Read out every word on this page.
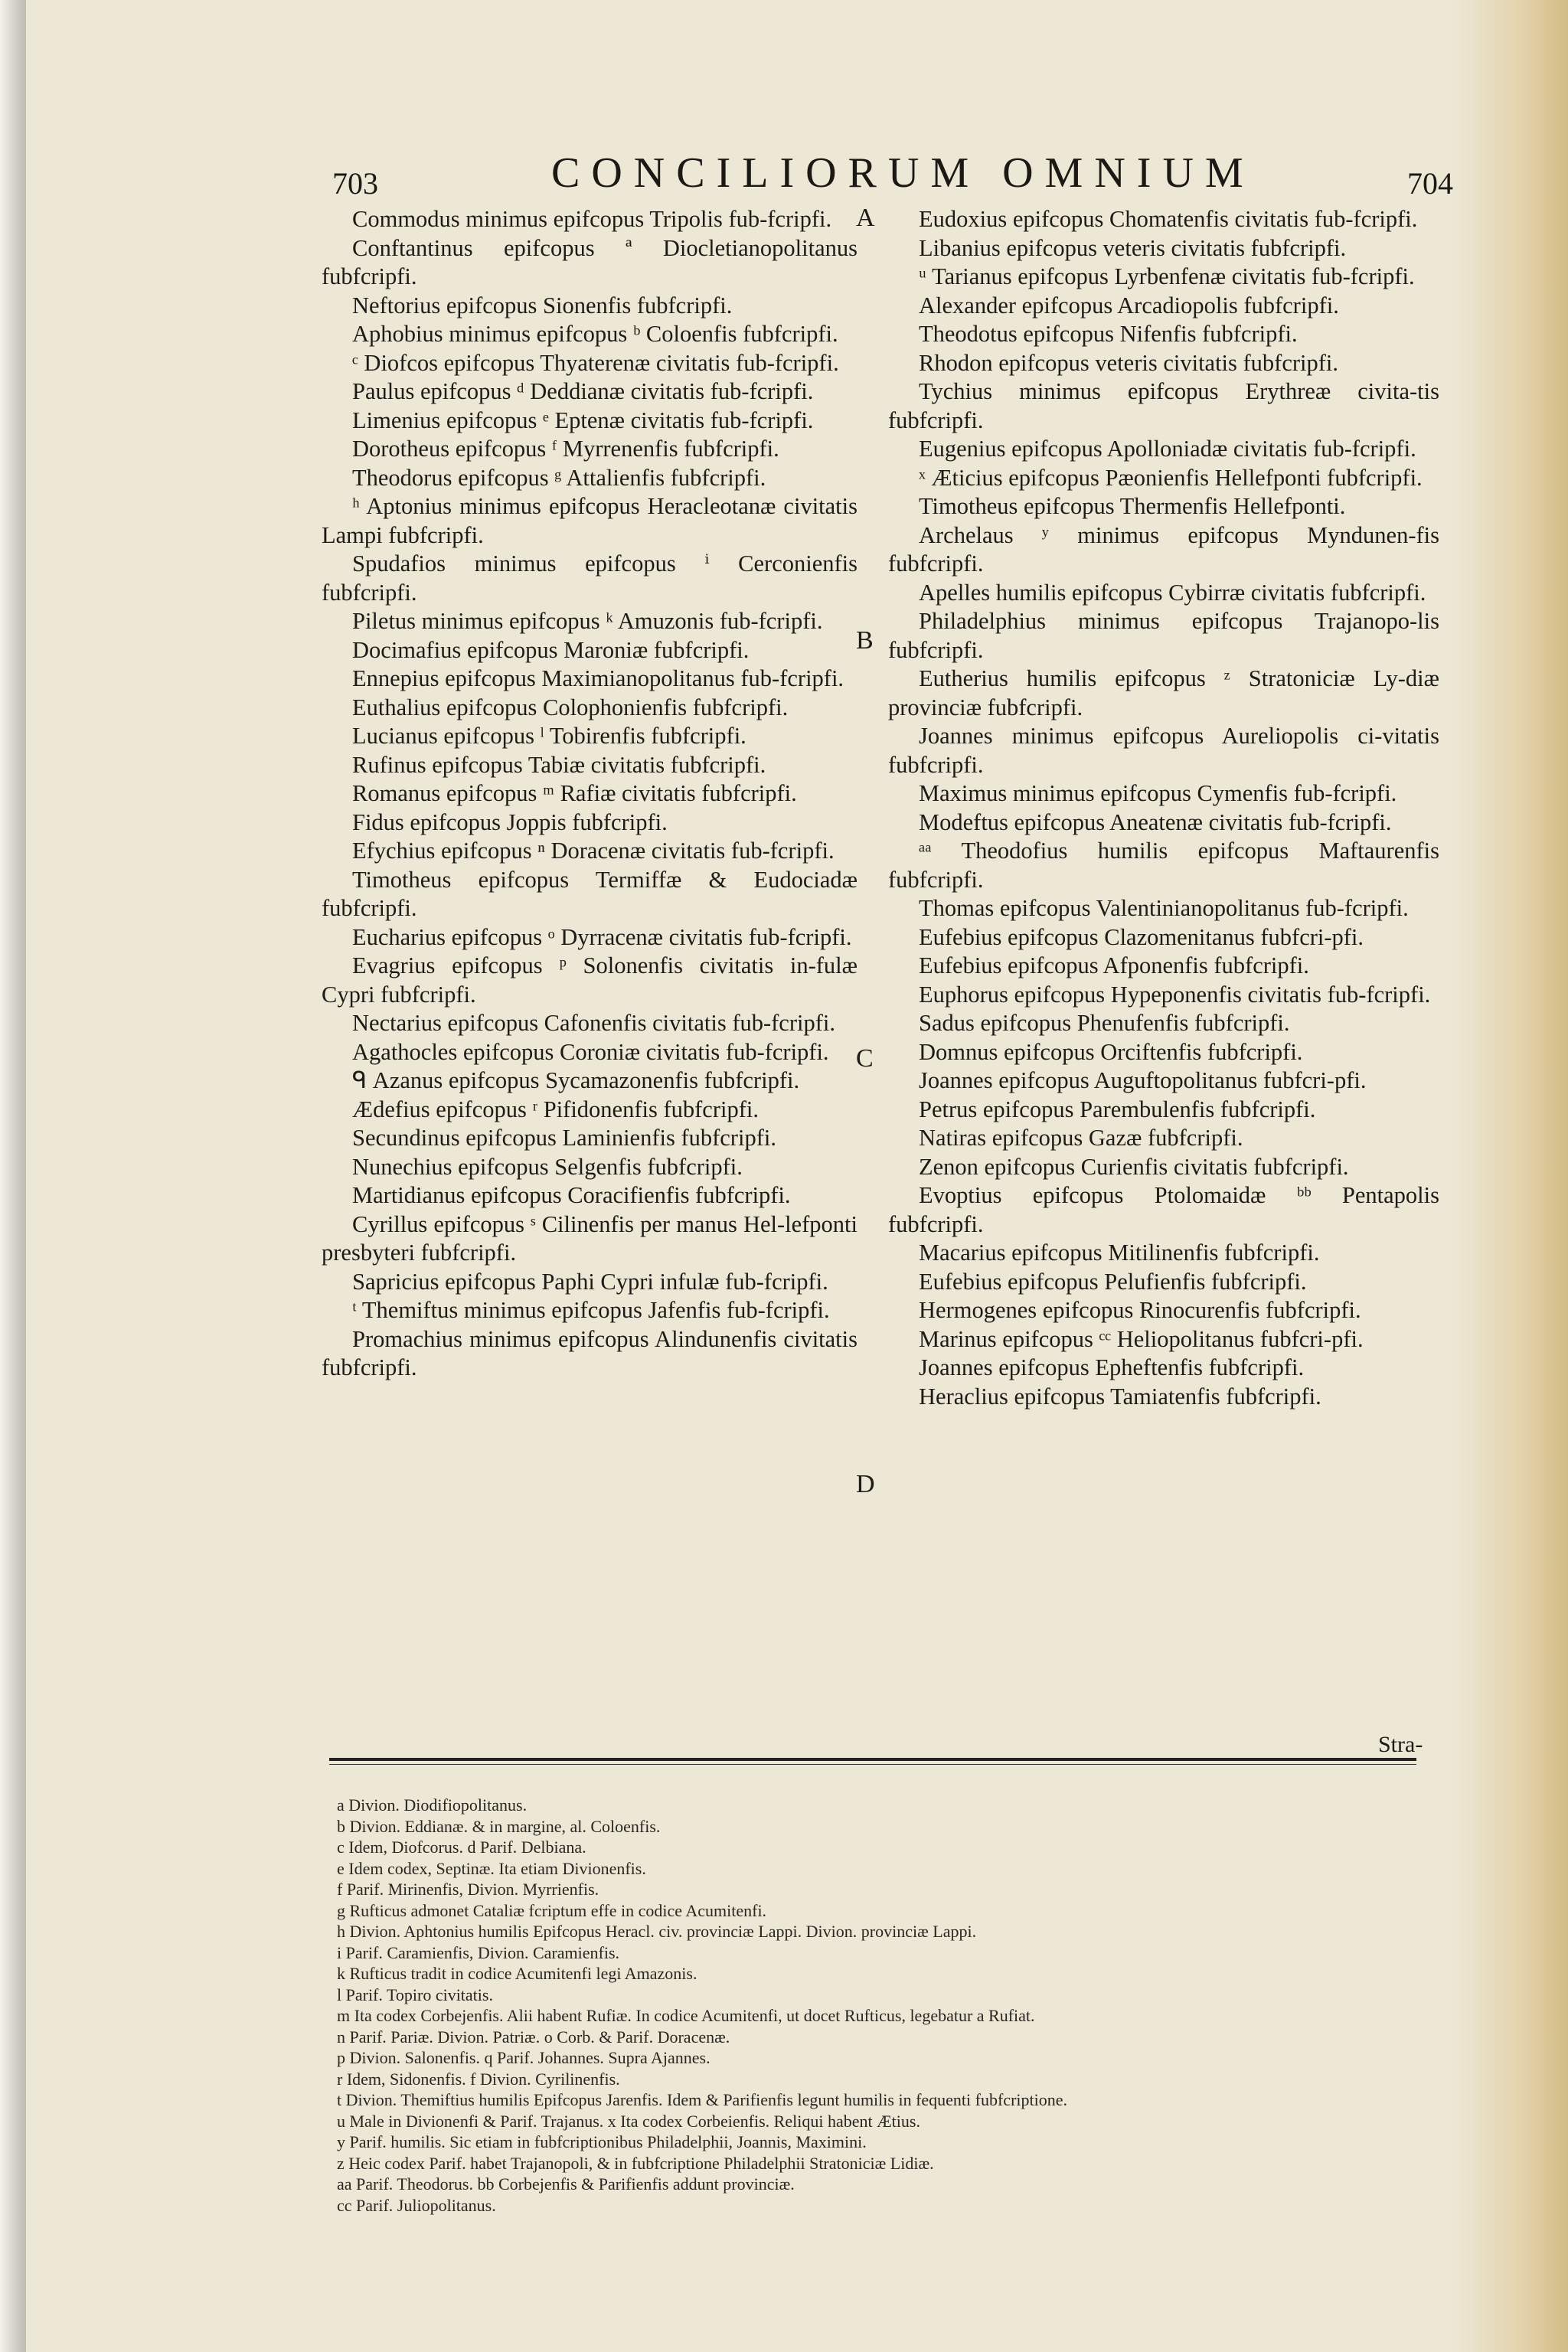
703	CONCILIORUM OMNIUM	704

Commodus minimus epifcopus Tripolis fub-fcripfi.

Conftantinus epifcopus ª Diocletianopolitanus fubfcripfi.

Neftorius epifcopus Sionenfis fubfcripfi.

Aphobius minimus epifcopus ᵇ Coloenfis fubfcripfi.

ᶜ Diofcos epifcopus Thyaterenæ civitatis fub-fcripfi.

Paulus epifcopus ᵈ Deddianæ civitatis fub-fcripfi.

Limenius epifcopus ᵉ Eptenæ civitatis fub-fcripfi.

Dorotheus epifcopus ᶠ Myrrenenfis fubfcripfi.

Theodorus epifcopus ᵍ Attalienfis fubfcripfi.

ʰ Aptonius minimus epifcopus Heracleotanæ civitatis Lampi fubfcripfi.

Spudafios minimus epifcopus ⁱ Cerconienfis fubfcripfi.

Piletus minimus epifcopus ᵏ Amuzonis fub-fcripfi.

Docimafius epifcopus Maroniæ fubfcripfi.

Ennepius epifcopus Maximianopolitanus fub-fcripfi.

Euthalius epifcopus Colophonienfis fubfcripfi.

Lucianus epifcopus ˡ Tobirenfis fubfcripfi.

Rufinus epifcopus Tabiæ civitatis fubfcripfi.

Romanus epifcopus ᵐ Rafiæ civitatis fubfcripfi.

Fidus epifcopus Joppis fubfcripfi.

Efychius epifcopus ⁿ Doracenæ civitatis fub-fcripfi.

Timotheus epifcopus Termiffæ & Eudociadæ fubfcripfi.

Eucharius epifcopus ᵒ Dyrracenæ civitatis fub-fcripfi.

Evagrius epifcopus ᵖ Solonenfis civitatis in-fulæ Cypri fubfcripfi.

Nectarius epifcopus Cafonenfis civitatis fub-fcripfi.

Agathocles epifcopus Coroniæ civitatis fub-fcripfi.

ᑫ Azanus epifcopus Sycamazonenfis fubfcripfi.

Ædefius epifcopus ʳ Pifidonenfis fubfcripfi.

Secundinus epifcopus Laminienfis fubfcripfi.

Nunechius epifcopus Selgenfis fubfcripfi.

Martidianus epifcopus Coracifienfis fubfcripfi.

Cyrillus epifcopus ˢ Cilinenfis per manus Hel-lefponti presbyteri fubfcripfi.

Sapricius epifcopus Paphi Cypri infulæ fub-fcripfi.

ᵗ Themiftus minimus epifcopus Jafenfis fub-fcripfi.

Promachius minimus epifcopus Alindunenfis civitatis fubfcripfi.

Eudoxius epifcopus Chomatenfis civitatis fub-fcripfi.

Libanius epifcopus veteris civitatis fubfcripfi.

ᵘ Tarianus epifcopus Lyrbenfenæ civitatis fub-fcripfi.

Alexander epifcopus Arcadiopolis fubfcripfi.

Theodotus epifcopus Nifenfis fubfcripfi.

Rhodon epifcopus veteris civitatis fubfcripfi.

Tychius minimus epifcopus Erythreæ civita-tis fubfcripfi.

Eugenius epifcopus Apolloniadæ civitatis fub-fcripfi.

ˣ Æticius epifcopus Pæonienfis Hellefponti fubfcripfi.

Timotheus epifcopus Thermenfis Hellefponti.

Archelaus ʸ minimus epifcopus Myndunen-fis fubfcripfi.

Apelles humilis epifcopus Cybirræ civitatis fubfcripfi.

Philadelphius minimus epifcopus Trajanopo-lis fubfcripfi.

Eutherius humilis epifcopus ᶻ Stratoniciæ Ly-diæ provinciæ fubfcripfi.

Joannes minimus epifcopus Aureliopolis ci-vitatis fubfcripfi.

Maximus minimus epifcopus Cymenfis fub-fcripfi.

Modeftus epifcopus Aneatenæ civitatis fub-fcripfi.

ᵃᵃ Theodofius humilis epifcopus Maftaurenfis fubfcripfi.

Thomas epifcopus Valentinianopolitanus fub-fcripfi.

Eufebius epifcopus Clazomenitanus fubfcri-pfi.

Eufebius epifcopus Afponenfis fubfcripfi.

Euphorus epifcopus Hypeponenfis civitatis fub-fcripfi.

Sadus epifcopus Phenufenfis fubfcripfi.

Domnus epifcopus Orciftenfis fubfcripfi.

Joannes epifcopus Auguftopolitanus fubfcri-pfi.

Petrus epifcopus Parembulenfis fubfcripfi.

Natiras epifcopus Gazæ fubfcripfi.

Zenon epifcopus Curienfis civitatis fubfcripfi.

Evoptius epifcopus Ptolomaidæ ᵇᵇ Pentapolis fubfcripfi.

Macarius epifcopus Mitilinenfis fubfcripfi.

Eufebius epifcopus Pelufienfis fubfcripfi.

Hermogenes epifcopus Rinocurenfis fubfcripfi.

Marinus epifcopus ᶜᶜ Heliopolitanus fubfcri-pfi.

Joannes epifcopus Epheftenfis fubfcripfi.

Heraclius epifcopus Tamiatenfis fubfcripfi.

A
B
C
D
Stra-
a Divion. Diodifiopolitanus.
b Divion. Eddianæ. & in margine, al. Coloenfis.
c Idem, Diofcorus. d Parif. Delbiana.
e Idem codex, Septinæ. Ita etiam Divionenfis.
f Parif. Mirinenfis, Divion. Myrrienfis.
g Rufticus admonet Cataliæ fcriptum effe in codice Acumitenfi.
h Divion. Aphtonius humilis Epifcopus Heracl. civ. provinciæ Lappi. Divion. provinciæ Lappi.
i Parif. Caramienfis, Divion. Caramienfis.
k Rufticus tradit in codice Acumitenfi legi Amazonis.
l Parif. Topiro civitatis.
m Ita codex Corbejenfis. Alii habent Rufiæ. In codice Acumitenfi, ut docet Rufticus, legebatur a Rufiat.
n Parif. Pariæ. Divion. Patriæ. o Corb. & Parif. Doracenæ.
p Divion. Salonenfis. q Parif. Johannes. Supra Ajannes.
r Idem, Sidonenfis. f Divion. Cyrilinenfis.
t Divion. Themiftius humilis Epifcopus Jarenfis. Idem & Parifienfis legunt humilis in fequenti fubfcriptione.
u Male in Divionenfi & Parif. Trajanus. x Ita codex Corbeienfis. Reliqui habent Ætius.
y Parif. humilis. Sic etiam in fubfcriptionibus Philadelphii, Joannis, Maximini.
z Heic codex Parif. habet Trajanopoli, & in fubfcriptione Philadelphii Stratoniciæ Lidiæ.
aa Parif. Theodorus. bb Corbejenfis & Parifienfis addunt provinciæ.
cc Parif. Juliopolitanus.
